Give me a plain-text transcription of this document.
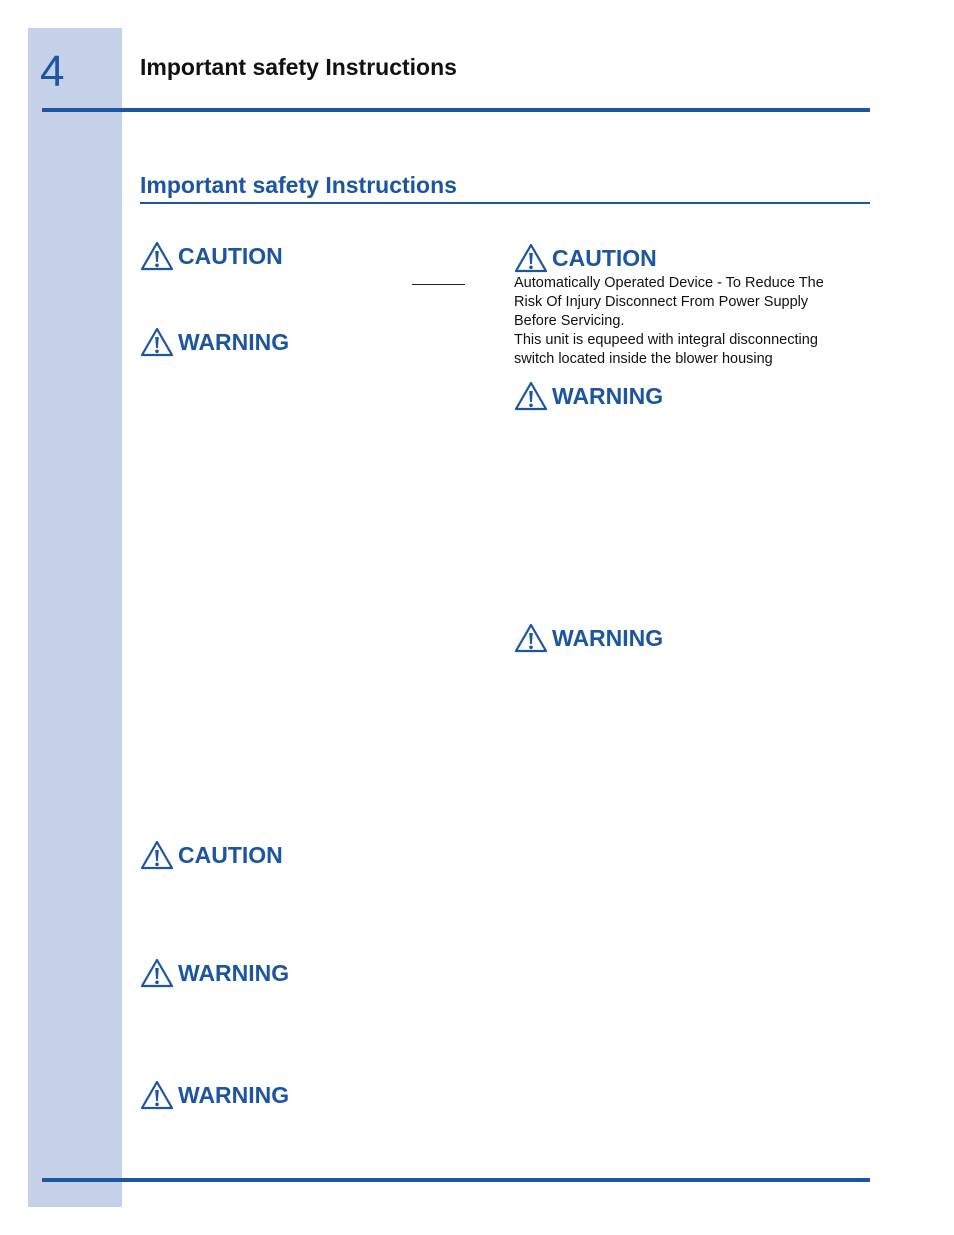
4	Important safety Instructions
Important safety Instructions
CAUTION
WARNING
CAUTION
WARNING
WARNING
CAUTION

Automatically Operated Device - To Reduce The

Risk Of Injury Disconnect From Power Supply

Before Servicing.

This unit is equpeed with integral disconnecting

switch located inside the blower housing

WARNING
WARNING
